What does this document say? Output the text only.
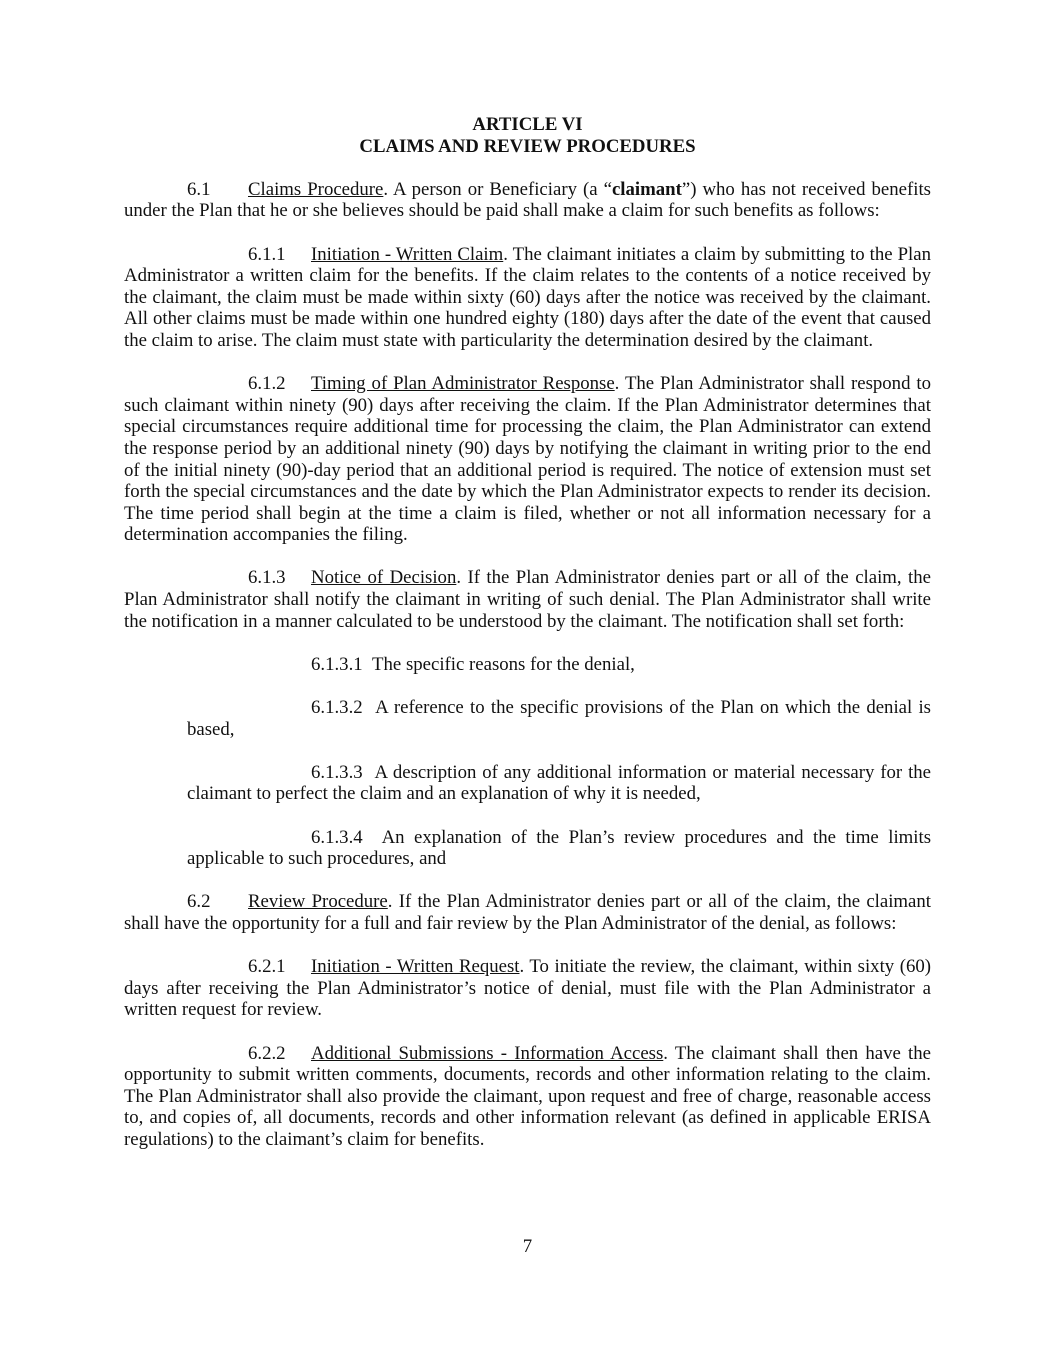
ARTICLE VI

CLAIMS AND REVIEW PROCEDURES

6.1 Claims Procedure. A person or Beneficiary (a “claimant”) who has not received benefits under the Plan that he or she believes should be paid shall make a claim for such benefits as follows:

6.1.1 Initiation - Written Claim. The claimant initiates a claim by submitting to the Plan Administrator a written claim for the benefits. If the claim relates to the contents of a notice received by the claimant, the claim must be made within sixty (60) days after the notice was received by the claimant. All other claims must be made within one hundred eighty (180) days after the date of the event that caused the claim to arise. The claim must state with particularity the determination desired by the claimant.

6.1.2 Timing of Plan Administrator Response. The Plan Administrator shall respond to such claimant within ninety (90) days after receiving the claim. If the Plan Administrator determines that special circumstances require additional time for processing the claim, the Plan Administrator can extend the response period by an additional ninety (90) days by notifying the claimant in writing prior to the end of the initial ninety (90)-day period that an additional period is required. The notice of extension must set forth the special circumstances and the date by which the Plan Administrator expects to render its decision. The time period shall begin at the time a claim is filed, whether or not all information necessary for a determination accompanies the filing.

6.1.3 Notice of Decision. If the Plan Administrator denies part or all of the claim, the Plan Administrator shall notify the claimant in writing of such denial. The Plan Administrator shall write the notification in a manner calculated to be understood by the claimant. The notification shall set forth:

6.1.3.1 The specific reasons for the denial,

6.1.3.2 A reference to the specific provisions of the Plan on which the denial is based,

6.1.3.3 A description of any additional information or material necessary for the claimant to perfect the claim and an explanation of why it is needed,

6.1.3.4 An explanation of the Plan’s review procedures and the time limits applicable to such procedures, and

6.2 Review Procedure. If the Plan Administrator denies part or all of the claim, the claimant shall have the opportunity for a full and fair review by the Plan Administrator of the denial, as follows:

6.2.1 Initiation - Written Request. To initiate the review, the claimant, within sixty (60) days after receiving the Plan Administrator’s notice of denial, must file with the Plan Administrator a written request for review.

6.2.2 Additional Submissions - Information Access. The claimant shall then have the opportunity to submit written comments, documents, records and other information relating to the claim. The Plan Administrator shall also provide the claimant, upon request and free of charge, reasonable access to, and copies of, all documents, records and other information relevant (as defined in applicable ERISA regulations) to the claimant’s claim for benefits.

7
